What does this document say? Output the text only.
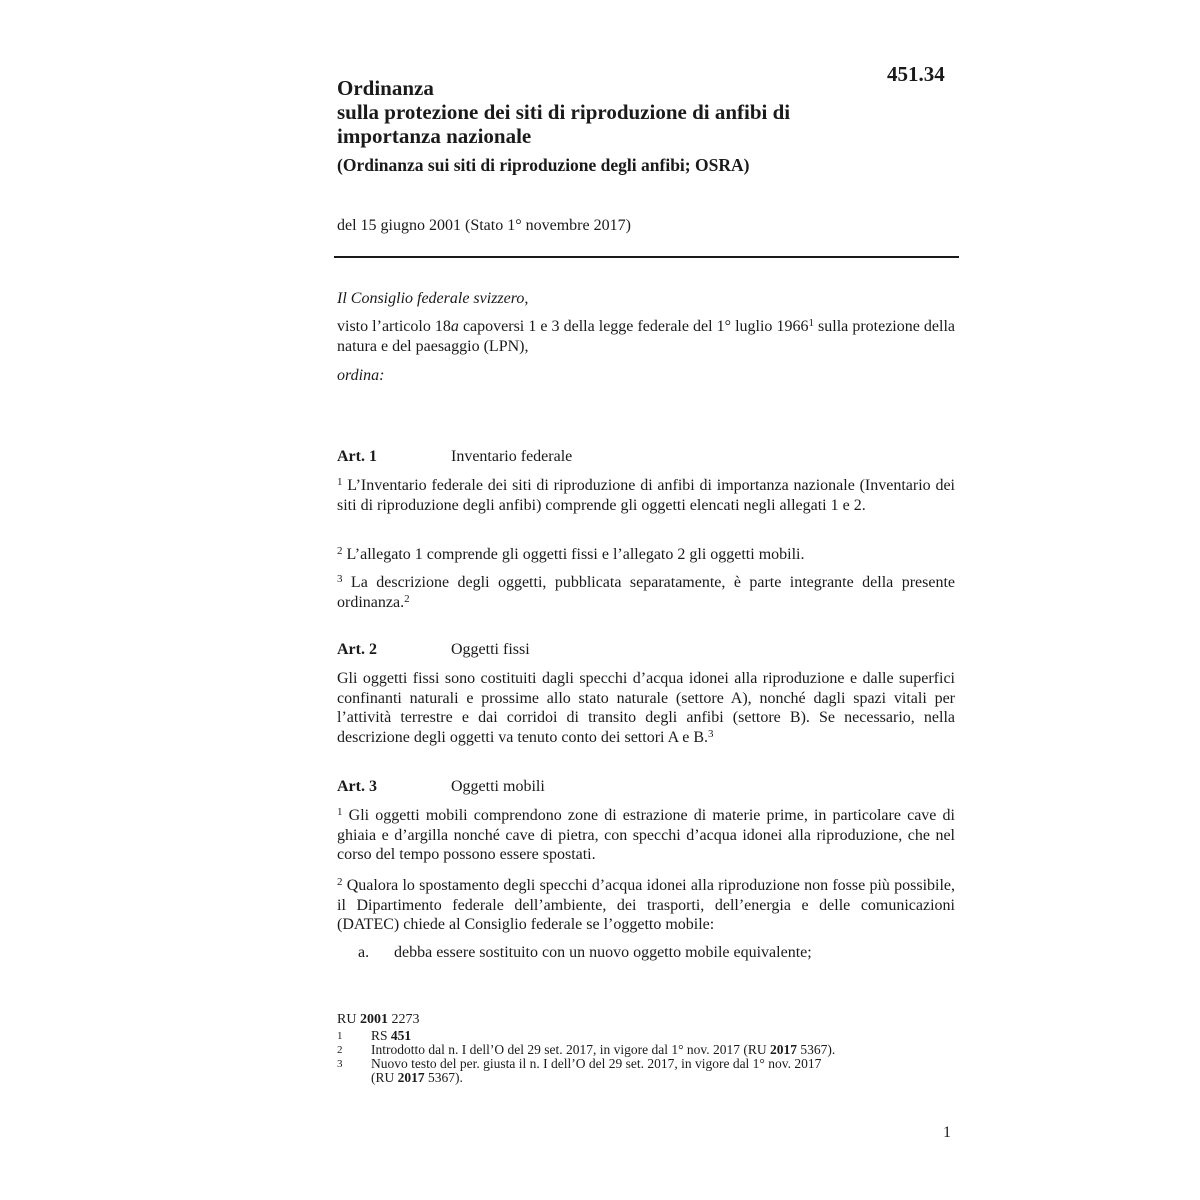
451.34
Ordinanza
sulla protezione dei siti di riproduzione di anfibi di
importanza nazionale
(Ordinanza sui siti di riproduzione degli anfibi; OSRA)
del 15 giugno 2001 (Stato 1° novembre 2017)
Il Consiglio federale svizzero,
visto l’articolo 18a capoversi 1 e 3 della legge federale del 1° luglio 1966$^1$ sulla protezione della natura e del paesaggio (LPN),
ordina:
Art. 1	Inventario federale
$^1$ L’Inventario federale dei siti di riproduzione di anfibi di importanza nazionale (Inventario dei siti di riproduzione degli anfibi) comprende gli oggetti elencati negli allegati 1 e 2.
$^2$ L’allegato 1 comprende gli oggetti fissi e l’allegato 2 gli oggetti mobili.
$^3$ La descrizione degli oggetti, pubblicata separatamente, è parte integrante della presente ordinanza.$^2$
Art. 2	Oggetti fissi
Gli oggetti fissi sono costituiti dagli specchi d’acqua idonei alla riproduzione e dalle superfici confinanti naturali e prossime allo stato naturale (settore A), nonché dagli spazi vitali per l’attività terrestre e dai corridoi di transito degli anfibi (settore B). Se necessario, nella descrizione degli oggetti va tenuto conto dei settori A e B.$^3$
Art. 3	Oggetti mobili
$^1$ Gli oggetti mobili comprendono zone di estrazione di materie prime, in particolare cave di ghiaia e d’argilla nonché cave di pietra, con specchi d’acqua idonei alla riproduzione, che nel corso del tempo possono essere spostati.
$^2$ Qualora lo spostamento degli specchi d’acqua idonei alla riproduzione non fosse più possibile, il Dipartimento federale dell’ambiente, dei trasporti, dell’energia e delle comunicazioni (DATEC) chiede al Consiglio federale se l’oggetto mobile:
a. debba essere sostituito con un nuovo oggetto mobile equivalente;
RU 2001 2273
1	RS 451
2	Introdotto dal n. I dell’O del 29 set. 2017, in vigore dal 1° nov. 2017 (RU 2017 5367).
3	Nuovo testo del per. giusta il n. I dell’O del 29 set. 2017, in vigore dal 1° nov. 2017
(RU 2017 5367).
1
